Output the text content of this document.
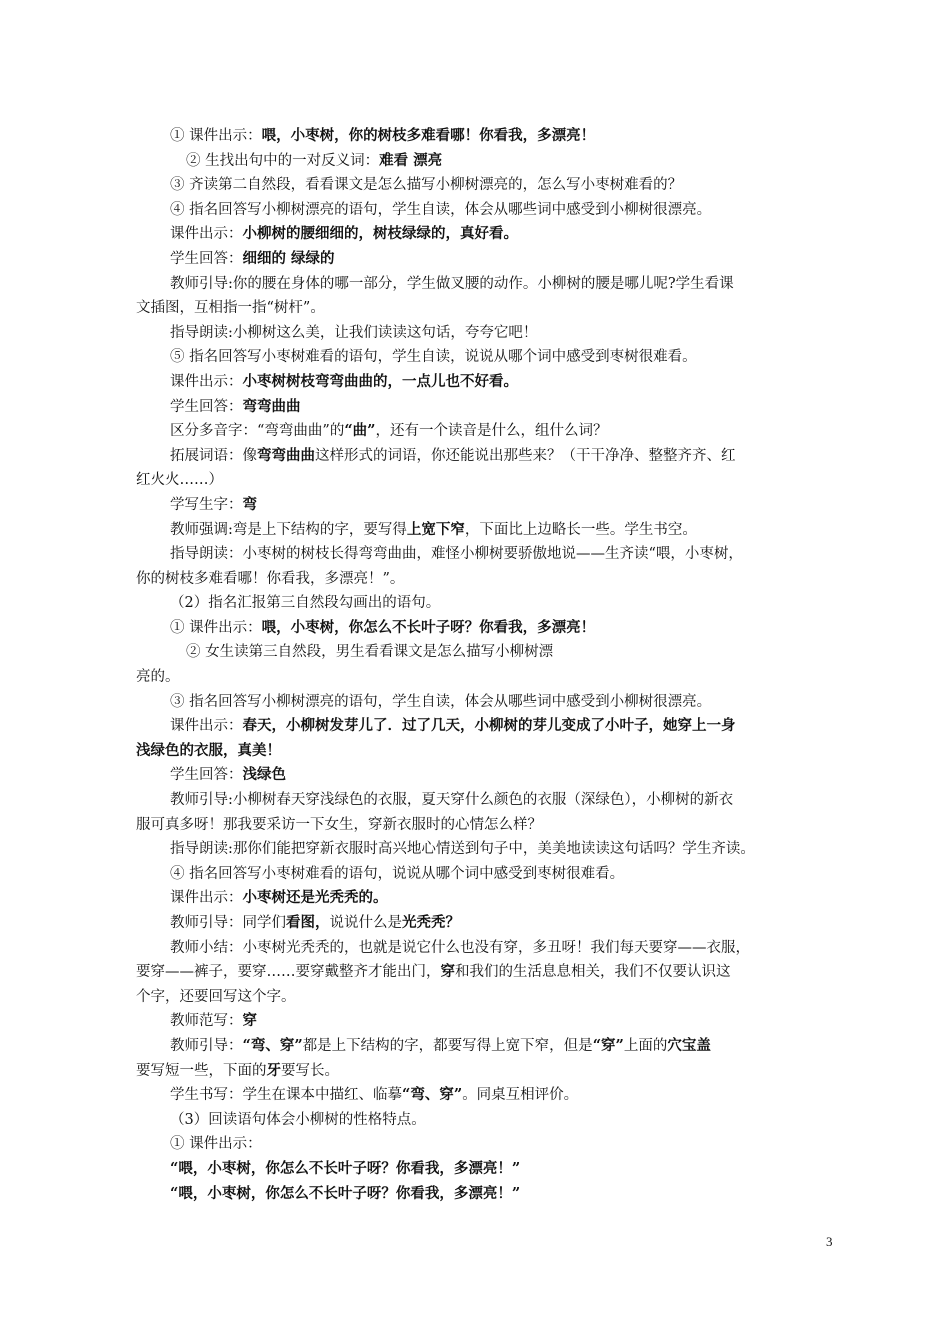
① 课件出示：喂，小枣树，你的树枝多难看哪！你看我，多漂亮！
② 生找出句中的一对反义词：难看 漂亮
③ 齐读第二自然段，看看课文是怎么描写小柳树漂亮的，怎么写小枣树难看的？
④ 指名回答写小柳树漂亮的语句，学生自读，体会从哪些词中感受到小柳树很漂亮。
课件出示：小柳树的腰细细的，树枝绿绿的，真好看。
学生回答：细细的 绿绿的
教师引导:你的腰在身体的哪一部分，学生做叉腰的动作。小柳树的腰是哪儿呢?学生看课
文插图，互相指一指“树杆”。
指导朗读:小柳树这么美，让我们读读这句话，夸夸它吧！
⑤ 指名回答写小枣树难看的语句，学生自读，说说从哪个词中感受到枣树很难看。
课件出示：小枣树树枝弯弯曲曲的，一点儿也不好看。
学生回答：弯弯曲曲
区分多音字：“弯弯曲曲”的“曲”，还有一个读音是什么，组什么词？
拓展词语：像弯弯曲曲这样形式的词语，你还能说出那些来？（干干净净、整整齐齐、红
红火火……）
学写生字：弯
教师强调:弯是上下结构的字，要写得上宽下窄，下面比上边略长一些。学生书空。
指导朗读：小枣树的树枝长得弯弯曲曲，难怪小柳树要骄傲地说——生齐读“喂，小枣树，
你的树枝多难看哪！你看我，多漂亮！”。
（2）指名汇报第三自然段勾画出的语句。
① 课件出示：喂，小枣树，你怎么不长叶子呀？你看我，多漂亮！
② 女生读第三自然段，男生看看课文是怎么描写小柳树漂
亮的。
③ 指名回答写小柳树漂亮的语句，学生自读，体会从哪些词中感受到小柳树很漂亮。
课件出示：春天，小柳树发芽儿了．过了几天，小柳树的芽儿变成了小叶子，她穿上一身
浅绿色的衣服，真美！
学生回答：浅绿色
教师引导:小柳树春天穿浅绿色的衣服，夏天穿什么颜色的衣服（深绿色），小柳树的新衣
服可真多呀！那我要采访一下女生，穿新衣服时的心情怎么样？
指导朗读:那你们能把穿新衣服时高兴地心情送到句子中，美美地读读这句话吗？学生齐读。
④ 指名回答写小枣树难看的语句，说说从哪个词中感受到枣树很难看。
课件出示：小枣树还是光秃秃的。
教师引导：同学们看图，说说什么是光秃秃？
教师小结：小枣树光秃秃的，也就是说它什么也没有穿，多丑呀！我们每天要穿——衣服，
要穿——裤子，要穿……要穿戴整齐才能出门，穿和我们的生活息息相关，我们不仅要认识这
个字，还要回写这个字。
教师范写：穿
教师引导：“弯、穿”都是上下结构的字，都要写得上宽下窄，但是“穿”上面的穴宝盖
要写短一些，下面的牙要写长。
学生书写：学生在课本中描红、临摹“弯、穿”。同桌互相评价。
（3）回读语句体会小柳树的性格特点。
① 课件出示：
“喂，小枣树，你怎么不长叶子呀？你看我，多漂亮！”
“喂，小枣树，你怎么不长叶子呀？你看我，多漂亮！”
3
